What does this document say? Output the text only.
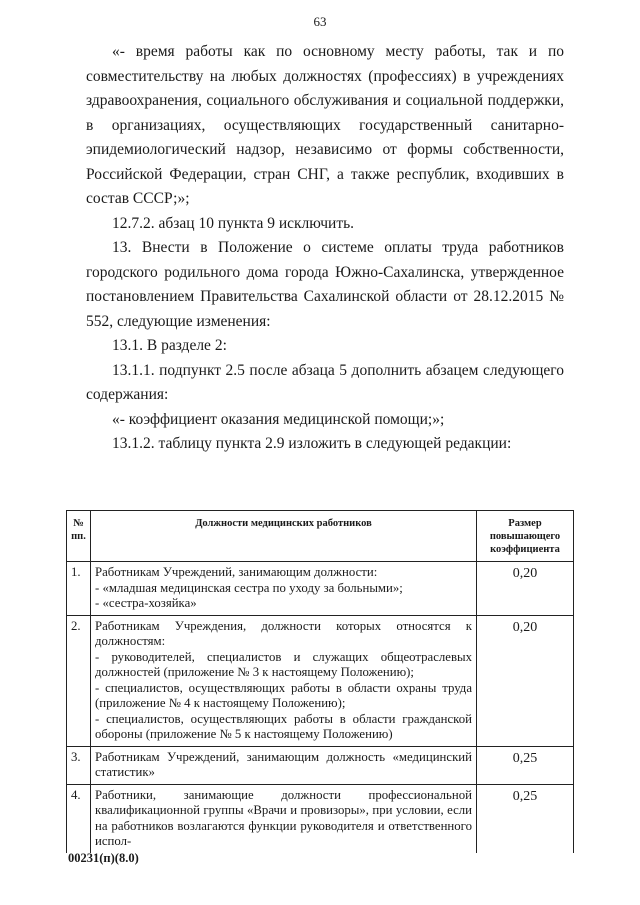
63

«- время работы как по основному месту работы, так и по совместительству на любых должностях (профессиях) в учреждениях здравоохранения, социального обслуживания и социальной поддержки, в организациях, осуществляющих государственный санитарно-эпидемиологический надзор, независимо от формы собственности, Российской Федерации, стран СНГ, а также республик, входивших в состав СССР;»;

12.7.2. абзац 10 пункта 9 исключить.

13. Внести в Положение о системе оплаты труда работников городского родильного дома города Южно-Сахалинска, утвержденное постановлением Правительства Сахалинской области от 28.12.2015 № 552, следующие изменения:

13.1. В разделе 2:

13.1.1. подпункт 2.5 после абзаца 5 дополнить абзацем следующего содержания:

«- коэффициент оказания медицинской помощи;»;

13.1.2. таблицу пункта 2.9 изложить в следующей редакции:

№ пп.	Должности медицинских работников	Размер повышающего коэффициента
1.	Работникам Учреждений, занимающим должности:
- «младшая медицинская сестра по уходу за больными»;
- «сестра-хозяйка»	0,20
2.	Работникам Учреждения, должности которых относятся к должностям:
- руководителей, специалистов и служащих общеотраслевых должностей (приложение № 3 к настоящему Положению);
- специалистов, осуществляющих работы в области охраны труда (приложение № 4 к настоящему Положению);
- специалистов, осуществляющих работы в области гражданской обороны (приложение № 5 к настоящему Положению)	0,20
3.	Работникам Учреждений, занимающим должность «медицинский статистик»	0,25
4.	Работники, занимающие должности профессиональной квалификационной группы «Врачи и провизоры», при условии, если на работников возлагаются функции руководителя и ответственного испол-	0,25
00231(п)(8.0)
